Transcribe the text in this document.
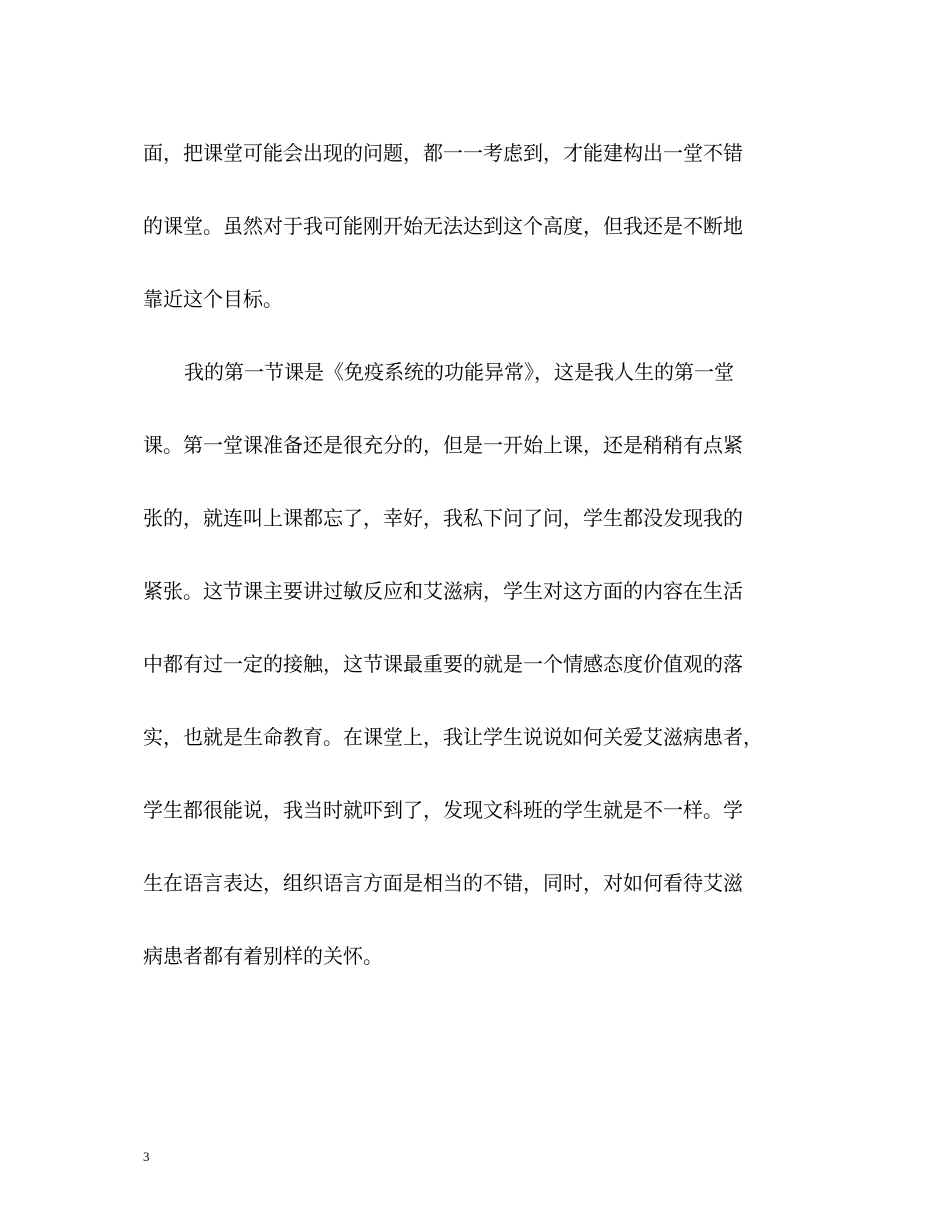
面，把课堂可能会出现的问题，都一一考虑到，才能建构出一堂不错
的课堂。虽然对于我可能刚开始无法达到这个高度，但我还是不断地
靠近这个目标。
我的第一节课是《免疫系统的功能异常》，这是我人生的第一堂
课。第一堂课准备还是很充分的，但是一开始上课，还是稍稍有点紧
张的，就连叫上课都忘了，幸好，我私下问了问，学生都没发现我的
紧张。这节课主要讲过敏反应和艾滋病，学生对这方面的内容在生活
中都有过一定的接触，这节课最重要的就是一个情感态度价值观的落
实，也就是生命教育。在课堂上，我让学生说说如何关爱艾滋病患者，
学生都很能说，我当时就吓到了，发现文科班的学生就是不一样。学
生在语言表达，组织语言方面是相当的不错，同时，对如何看待艾滋
病患者都有着别样的关怀。
3
